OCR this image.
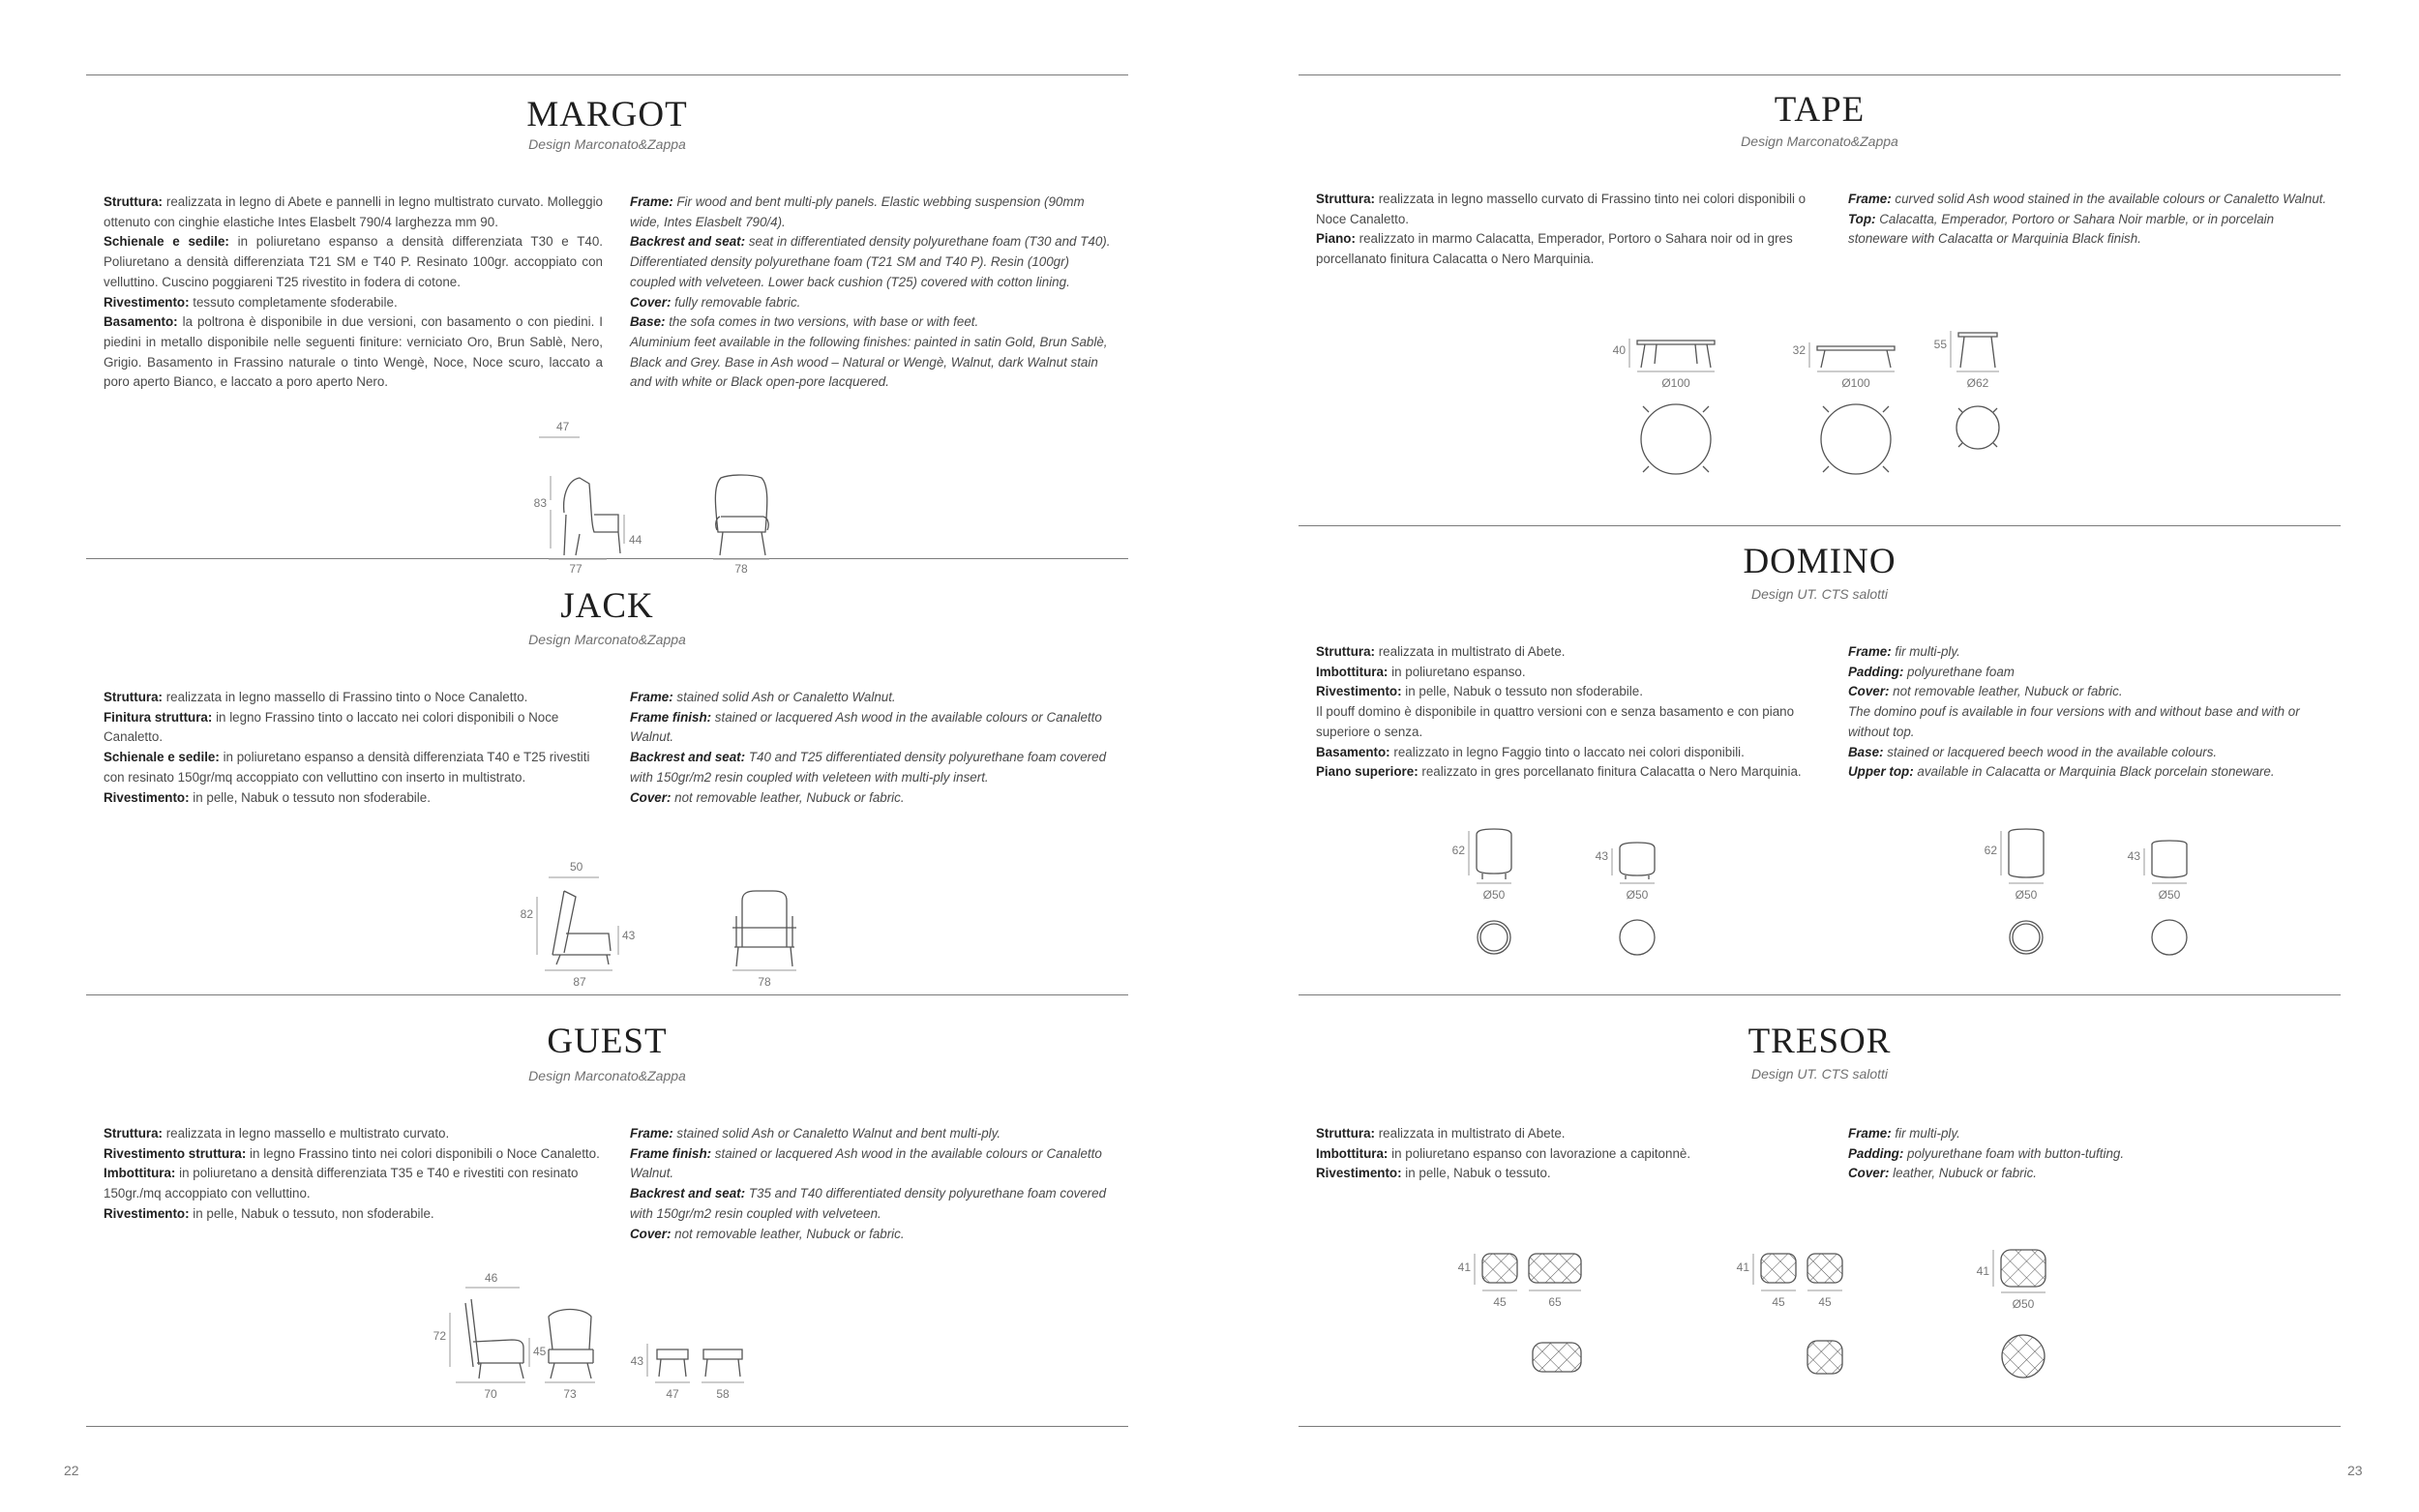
MARGOT
Design Marconato&Zappa

Struttura: realizzata in legno di Abete e pannelli in legno multistrato curvato. Molleggio ottenuto con cinghie elastiche Intes Elasbelt 790/4 larghezza mm 90.

Schienale e sedile: in poliuretano espanso a densità differenziata T30 e T40. Poliuretano a densità differenziata T21 SM e T40 P. Resinato 100gr. accoppiato con velluttino. Cuscino poggiareni T25 rivestito in fodera di cotone.

Rivestimento: tessuto completamente sfoderabile.

Basamento: la poltrona è disponibile in due versioni, con basamento o con piedini. I piedini in metallo disponibile nelle seguenti finiture: verniciato Oro, Brun Sablè, Nero, Grigio. Basamento in Frassino naturale o tinto Wengè, Noce, Noce scuro, laccato a poro aperto Bianco, e laccato a poro aperto Nero.

Frame: Fir wood and bent multi-ply panels. Elastic webbing suspension (90mm wide, Intes Elasbelt 790/4).

Backrest and seat: seat in differentiated density polyurethane foam (T30 and T40). Differentiated density polyurethane foam (T21 SM and T40 P). Resin (100gr) coupled with velveteen. Lower back cushion (T25) covered with cotton lining.

Cover: fully removable fabric.

Base: the sofa comes in two versions, with base or with feet.

Aluminium feet available in the following finishes: painted in satin Gold, Brun Sablè, Black and Grey. Base in Ash wood – Natural or Wengè, Walnut, dark Walnut stain and with white or Black open-pore lacquered.

83
47
44
77	78
JACK
Design Marconato&Zappa

Struttura: realizzata in legno massello di Frassino tinto o Noce Canaletto.

Finitura struttura: in legno Frassino tinto o laccato nei colori disponibili o Noce Canaletto.

Schienale e sedile: in poliuretano espanso a densità differenziata T40 e T25 rivestiti con resinato 150gr/mq accoppiato con velluttino con inserto in multistrato.

Rivestimento: in pelle, Nabuk o tessuto non sfoderabile.

Frame: stained solid Ash or Canaletto Walnut.

Frame finish: stained or lacquered Ash wood in the available colours or Canaletto Walnut.

Backrest and seat: T40 and T25 differentiated density polyurethane foam covered with 150gr/m2 resin coupled with veleteen with multi-ply insert.

Cover: not removable leather, Nubuck or fabric.

82
50
43
87	78
GUEST
Design Marconato&Zappa

Struttura: realizzata in legno massello e multistrato curvato.

Rivestimento struttura: in legno Frassino tinto nei colori disponibili o Noce Canaletto.

Imbottitura: in poliuretano a densità differenziata T35 e T40 e rivestiti con resinato 150gr./mq accoppiato con velluttino.

Rivestimento: in pelle, Nabuk o tessuto, non sfoderabile.

Frame: stained solid Ash or Canaletto Walnut and bent multi-ply.

Frame finish: stained or lacquered Ash wood in the available colours or Canaletto Walnut.

Backrest and seat: T35 and T40 differentiated density polyurethane foam covered with 150gr/m2 resin coupled with velveteen.

Cover: not removable leather, Nubuck or fabric.

72
46
45
70	73
43
47	58
TAPE
Design Marconato&Zappa

Struttura: realizzata in legno massello curvato di Frassino tinto nei colori disponibili o Noce Canaletto.

Piano: realizzato in marmo Calacatta, Emperador, Portoro o Sahara noir od in gres porcellanato finitura Calacatta o Nero Marquinia.

Frame: curved solid Ash wood stained in the available colours or Canaletto Walnut.

Top: Calacatta, Emperador, Portoro or Sahara Noir marble, or in porcelain stoneware with Calacatta or Marquinia Black finish.

40
Ø100
32
Ø100
55
Ø62
DOMINO
Design UT. CTS salotti

Struttura: realizzata in multistrato di Abete.

Imbottitura: in poliuretano espanso.

Rivestimento: in pelle, Nabuk o tessuto non sfoderabile.

Il pouff domino è disponibile in quattro versioni con e senza basamento e con piano superiore o senza.

Basamento: realizzato in legno Faggio tinto o laccato nei colori disponibili.

Piano superiore: realizzato in gres porcellanato finitura Calacatta o Nero Marquinia.

Frame: fir multi-ply.

Padding: polyurethane foam

Cover: not removable leather, Nubuck or fabric.

The domino pouf is available in four versions with and without base and with or without top.

Base: stained or lacquered beech wood in the available colours.

Upper top: available in Calacatta or Marquinia Black porcelain stoneware.

62
Ø50
43
Ø50
62
Ø50
43
Ø50
TRESOR
Design UT. CTS salotti

Struttura: realizzata in multistrato di Abete.

Imbottitura: in poliuretano espanso con lavorazione a capitonnè.

Rivestimento: in pelle, Nabuk o tessuto.

Frame: fir multi-ply.

Padding: polyurethane foam with button-tufting.

Cover: leather, Nubuck or fabric.

41
45	65
41
45	45
41
Ø50
22	23
